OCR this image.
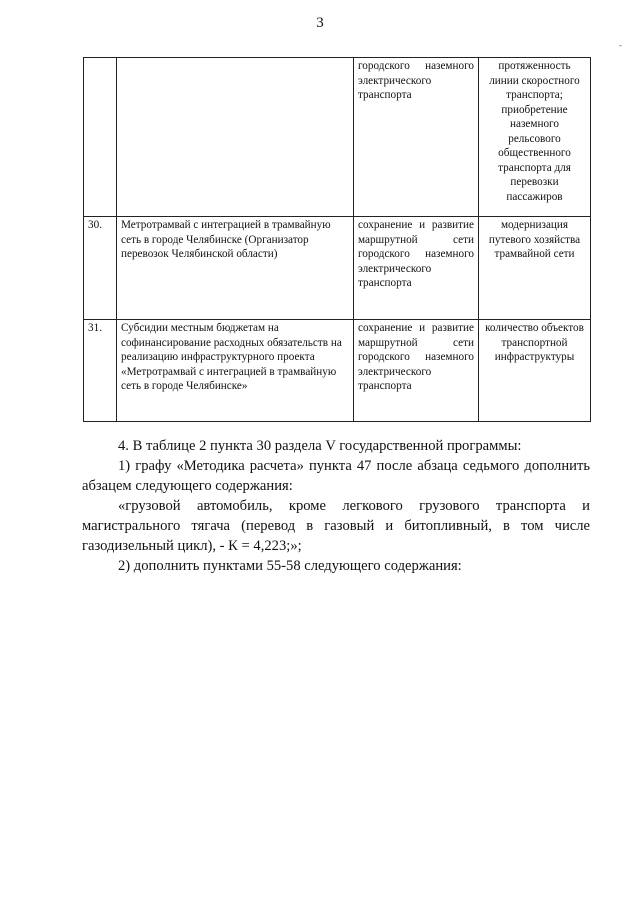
3
-
		городского наземного электрического транспорта	протяженность линии скоростного транспорта; приобретение наземного рельсового общественного транспорта для перевозки пассажиров
30.	Метротрамвай с интеграцией в трамвайную сеть в городе Челябинске (Организатор перевозок Челябинской области)	сохранение и развитие маршрутной сети городского наземного электрического транспорта	модернизация путевого хозяйства трамвайной сети
31.	Субсидии местным бюджетам на софинансирование расходных обязательств на реализацию инфраструктурного проекта «Метротрамвай с интеграцией в трамвайную сеть в городе Челябинске»	сохранение и развитие маршрутной сети городского наземного электрического транспорта	количество объектов транспортной инфраструктуры

4. В таблице 2 пункта 30 раздела V государственной программы:

1) графу «Методика расчета» пункта 47 после абзаца седьмого дополнить абзацем следующего содержания:

«грузовой автомобиль, кроме легкового грузового транспорта и магистрального тягача (перевод в газовый и битопливный, в том числе газодизельный цикл), - К = 4,223;»;

2) дополнить пунктами 55-58 следующего содержания:
